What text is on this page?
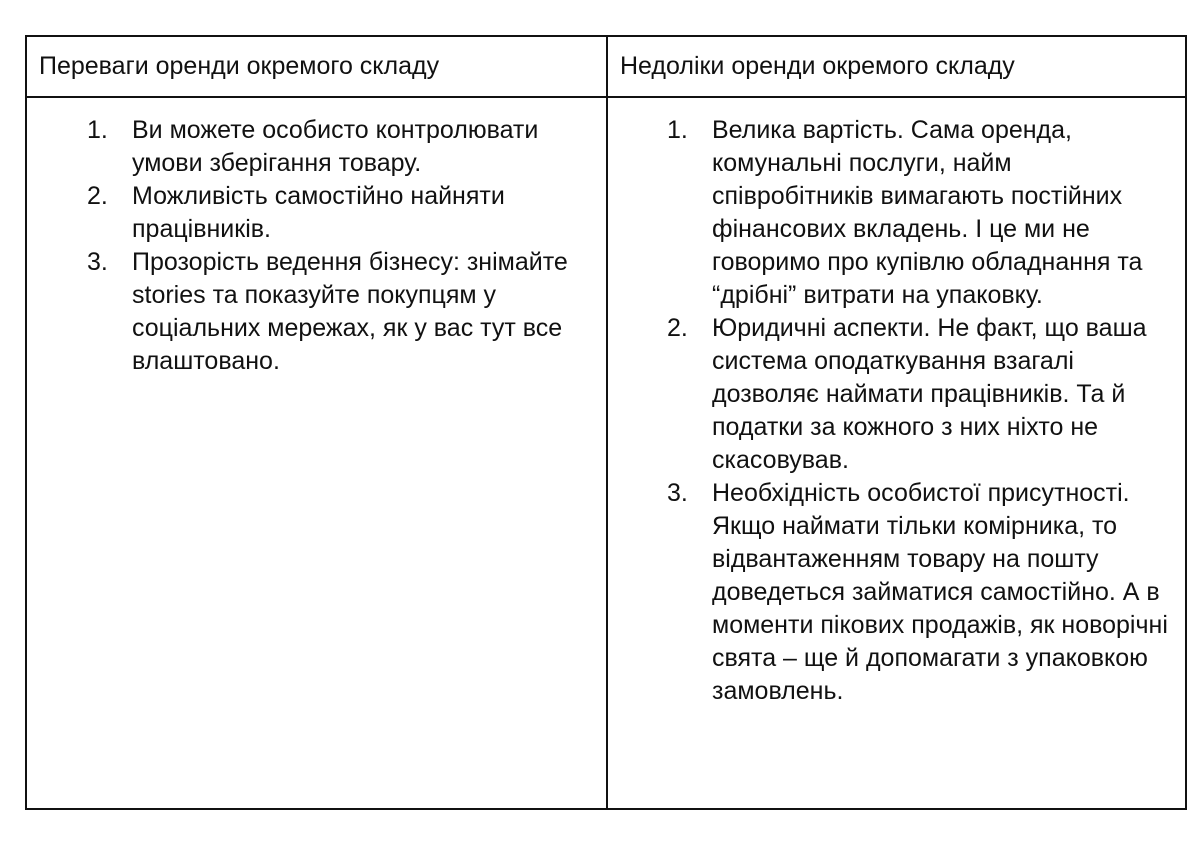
Переваги оренди окремого складу	Недоліки оренди окремого складу
1. Ви можете особисто контролювати умови зберігання товару.
2. Можливість самостійно найняти працівників.
3. Прозорість ведення бізнесу: знімайте stories та показуйте покупцям у соціальних мережах, як у вас тут все влаштовано.
1. Велика вартість. Сама оренда, комунальні послуги, найм співробітників вимагають постійних фінансових вкладень. І це ми не говоримо про купівлю обладнання та “дрібні” витрати на упаковку.
2. Юридичні аспекти. Не факт, що ваша система оподаткування взагалі дозволяє наймати працівників. Та й податки за кожного з них ніхто не скасовував.
3. Необхідність особистої присутності. Якщо наймати тільки комірника, то відвантаженням товару на пошту доведеться займатися самостійно. А в моменти пікових продажів, як новорічні свята – ще й допомагати з упаковкою замовлень.
